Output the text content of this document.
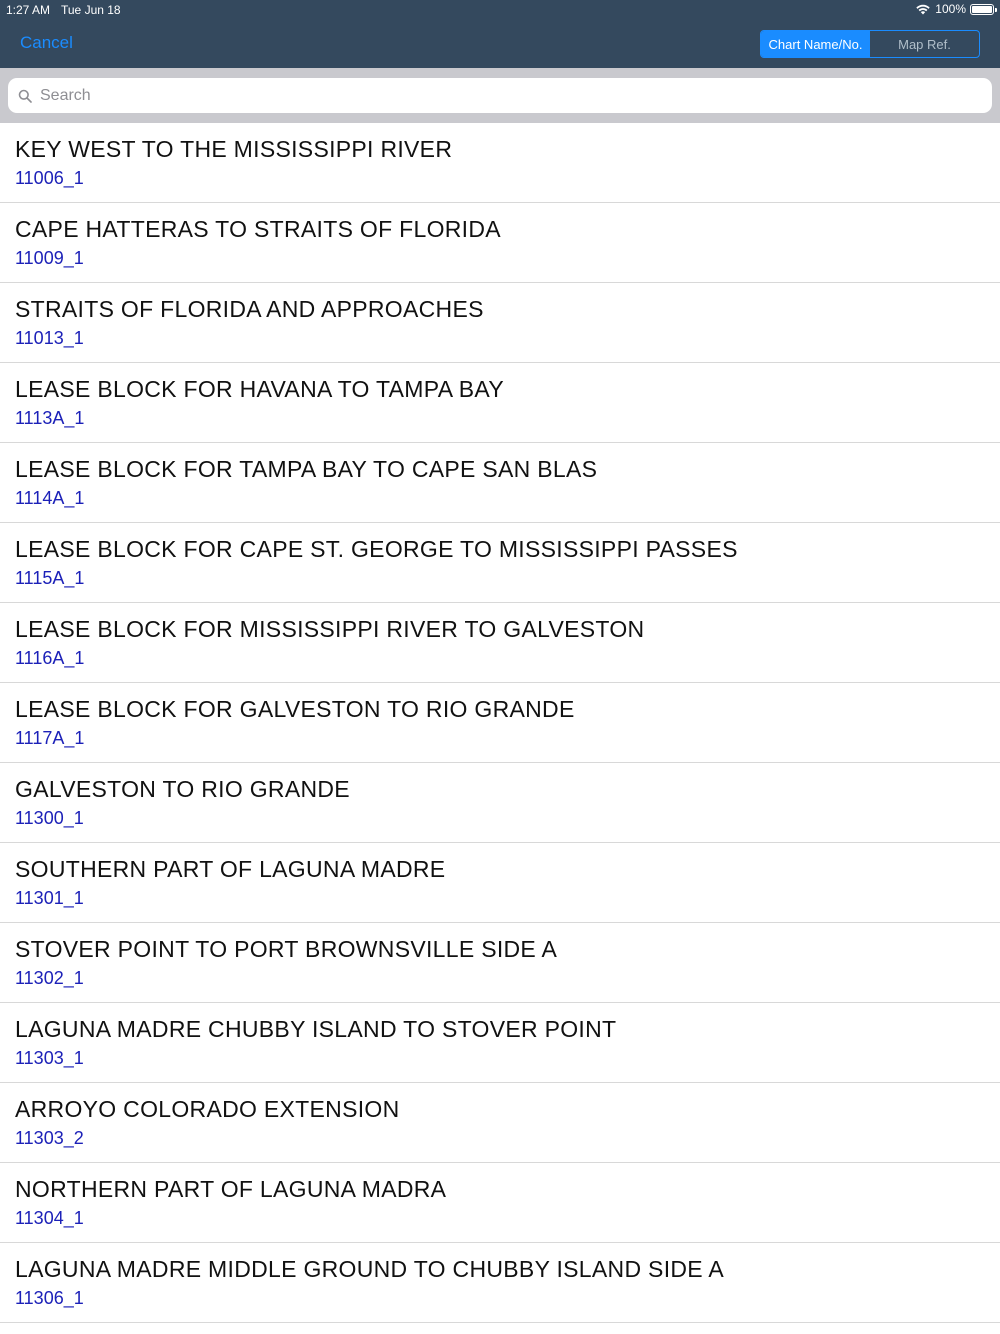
1:27 AM Tue Jun 18	100%
Cancel	Chart Name/No.	Map Ref.
Search
KEY WEST TO THE MISSISSIPPI RIVER
11006_1
CAPE HATTERAS TO STRAITS OF FLORIDA
11009_1
STRAITS OF FLORIDA AND APPROACHES
11013_1
LEASE BLOCK FOR HAVANA TO TAMPA BAY
1113A_1
LEASE BLOCK FOR TAMPA BAY TO CAPE SAN BLAS
1114A_1
LEASE BLOCK FOR CAPE ST. GEORGE TO MISSISSIPPI PASSES
1115A_1
LEASE BLOCK FOR MISSISSIPPI RIVER TO GALVESTON
1116A_1
LEASE BLOCK FOR GALVESTON TO RIO GRANDE
1117A_1
GALVESTON TO RIO GRANDE
11300_1
SOUTHERN PART OF LAGUNA MADRE
11301_1
STOVER POINT TO PORT BROWNSVILLE SIDE A
11302_1
LAGUNA MADRE CHUBBY ISLAND TO STOVER POINT
11303_1
ARROYO COLORADO EXTENSION
11303_2
NORTHERN PART OF LAGUNA MADRA
11304_1
LAGUNA MADRE MIDDLE GROUND TO CHUBBY ISLAND SIDE A
11306_1
